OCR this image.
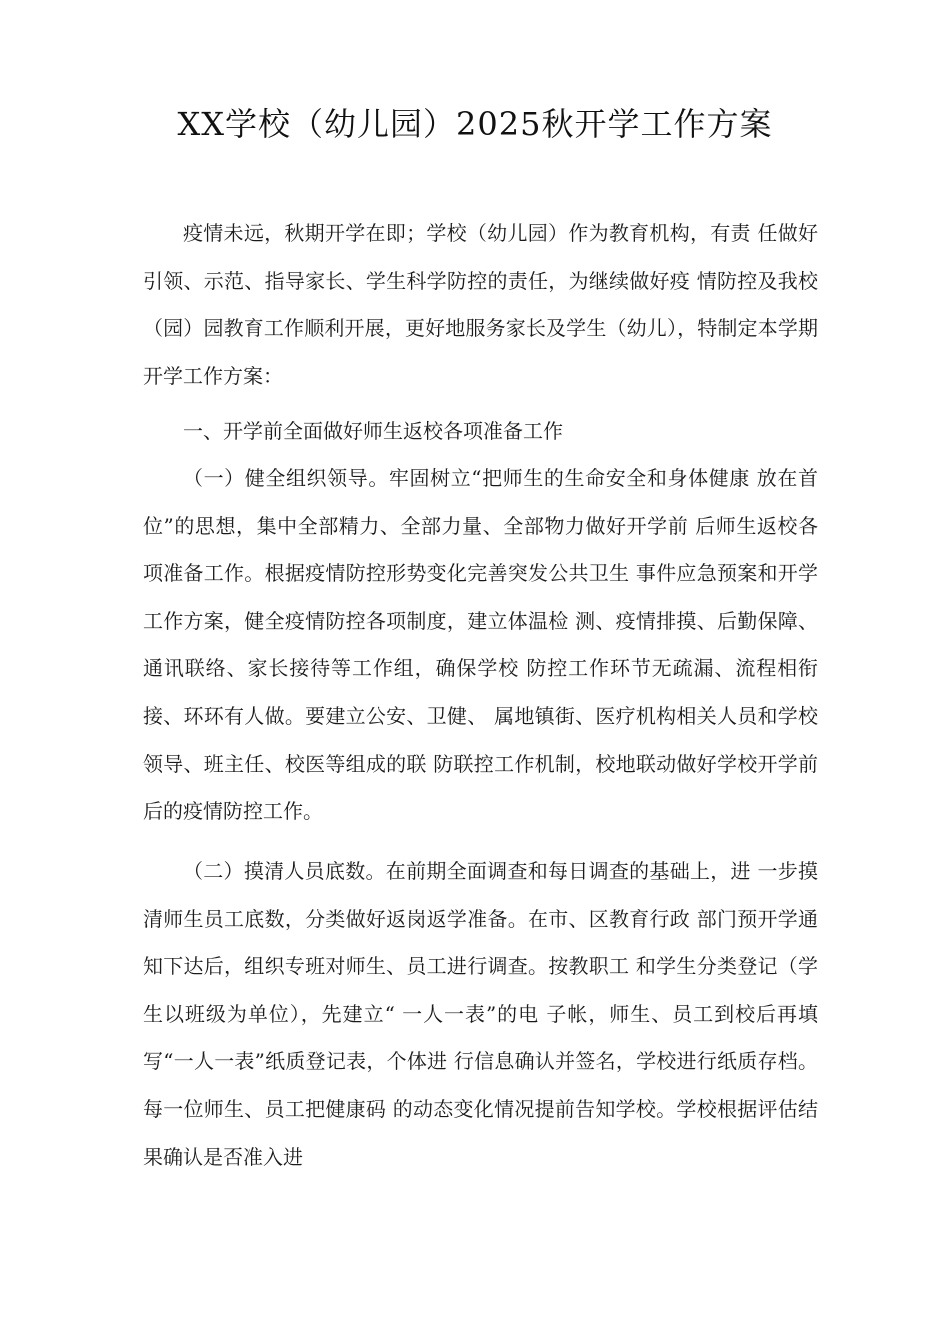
XX学校（幼儿园）2025秋开学工作方案

疫情未远，秋期开学在即；学校（幼儿园）作为教育机构，有责 任做好引领、示范、指导家长、学生科学防控的责任，为继续做好疫 情防控及我校（园）园教育工作顺利开展，更好地服务家长及学生（幼儿），特制定本学期开学工作方案：

一、开学前全面做好师生返校各项准备工作

（一）健全组织领导。牢固树立“把师生的生命安全和身体健康 放在首位”的思想，集中全部精力、全部力量、全部物力做好开学前 后师生返校各项准备工作。根据疫情防控形势变化完善突发公共卫生 事件应急预案和开学工作方案，健全疫情防控各项制度，建立体温检 测、疫情排摸、后勤保障、通讯联络、家长接待等工作组，确保学校 防控工作环节无疏漏、流程相衔接、环环有人做。要建立公安、卫健、 属地镇街、医疗机构相关人员和学校领导、班主任、校医等组成的联 防联控工作机制，校地联动做好学校开学前后的疫情防控工作。

（二）摸清人员底数。在前期全面调查和每日调查的基础上，进 一步摸清师生员工底数，分类做好返岗返学准备。在市、区教育行政 部门预开学通知下达后，组织专班对师生、员工进行调查。按教职工 和学生分类登记（学生以班级为单位），先建立“ 一人一表”的电 子帐，师生、员工到校后再填写“一人一表”纸质登记表，个体进 行信息确认并签名，学校进行纸质存档。每一位师生、员工把健康码 的动态变化情况提前告知学校。学校根据评估结果确认是否准入进
